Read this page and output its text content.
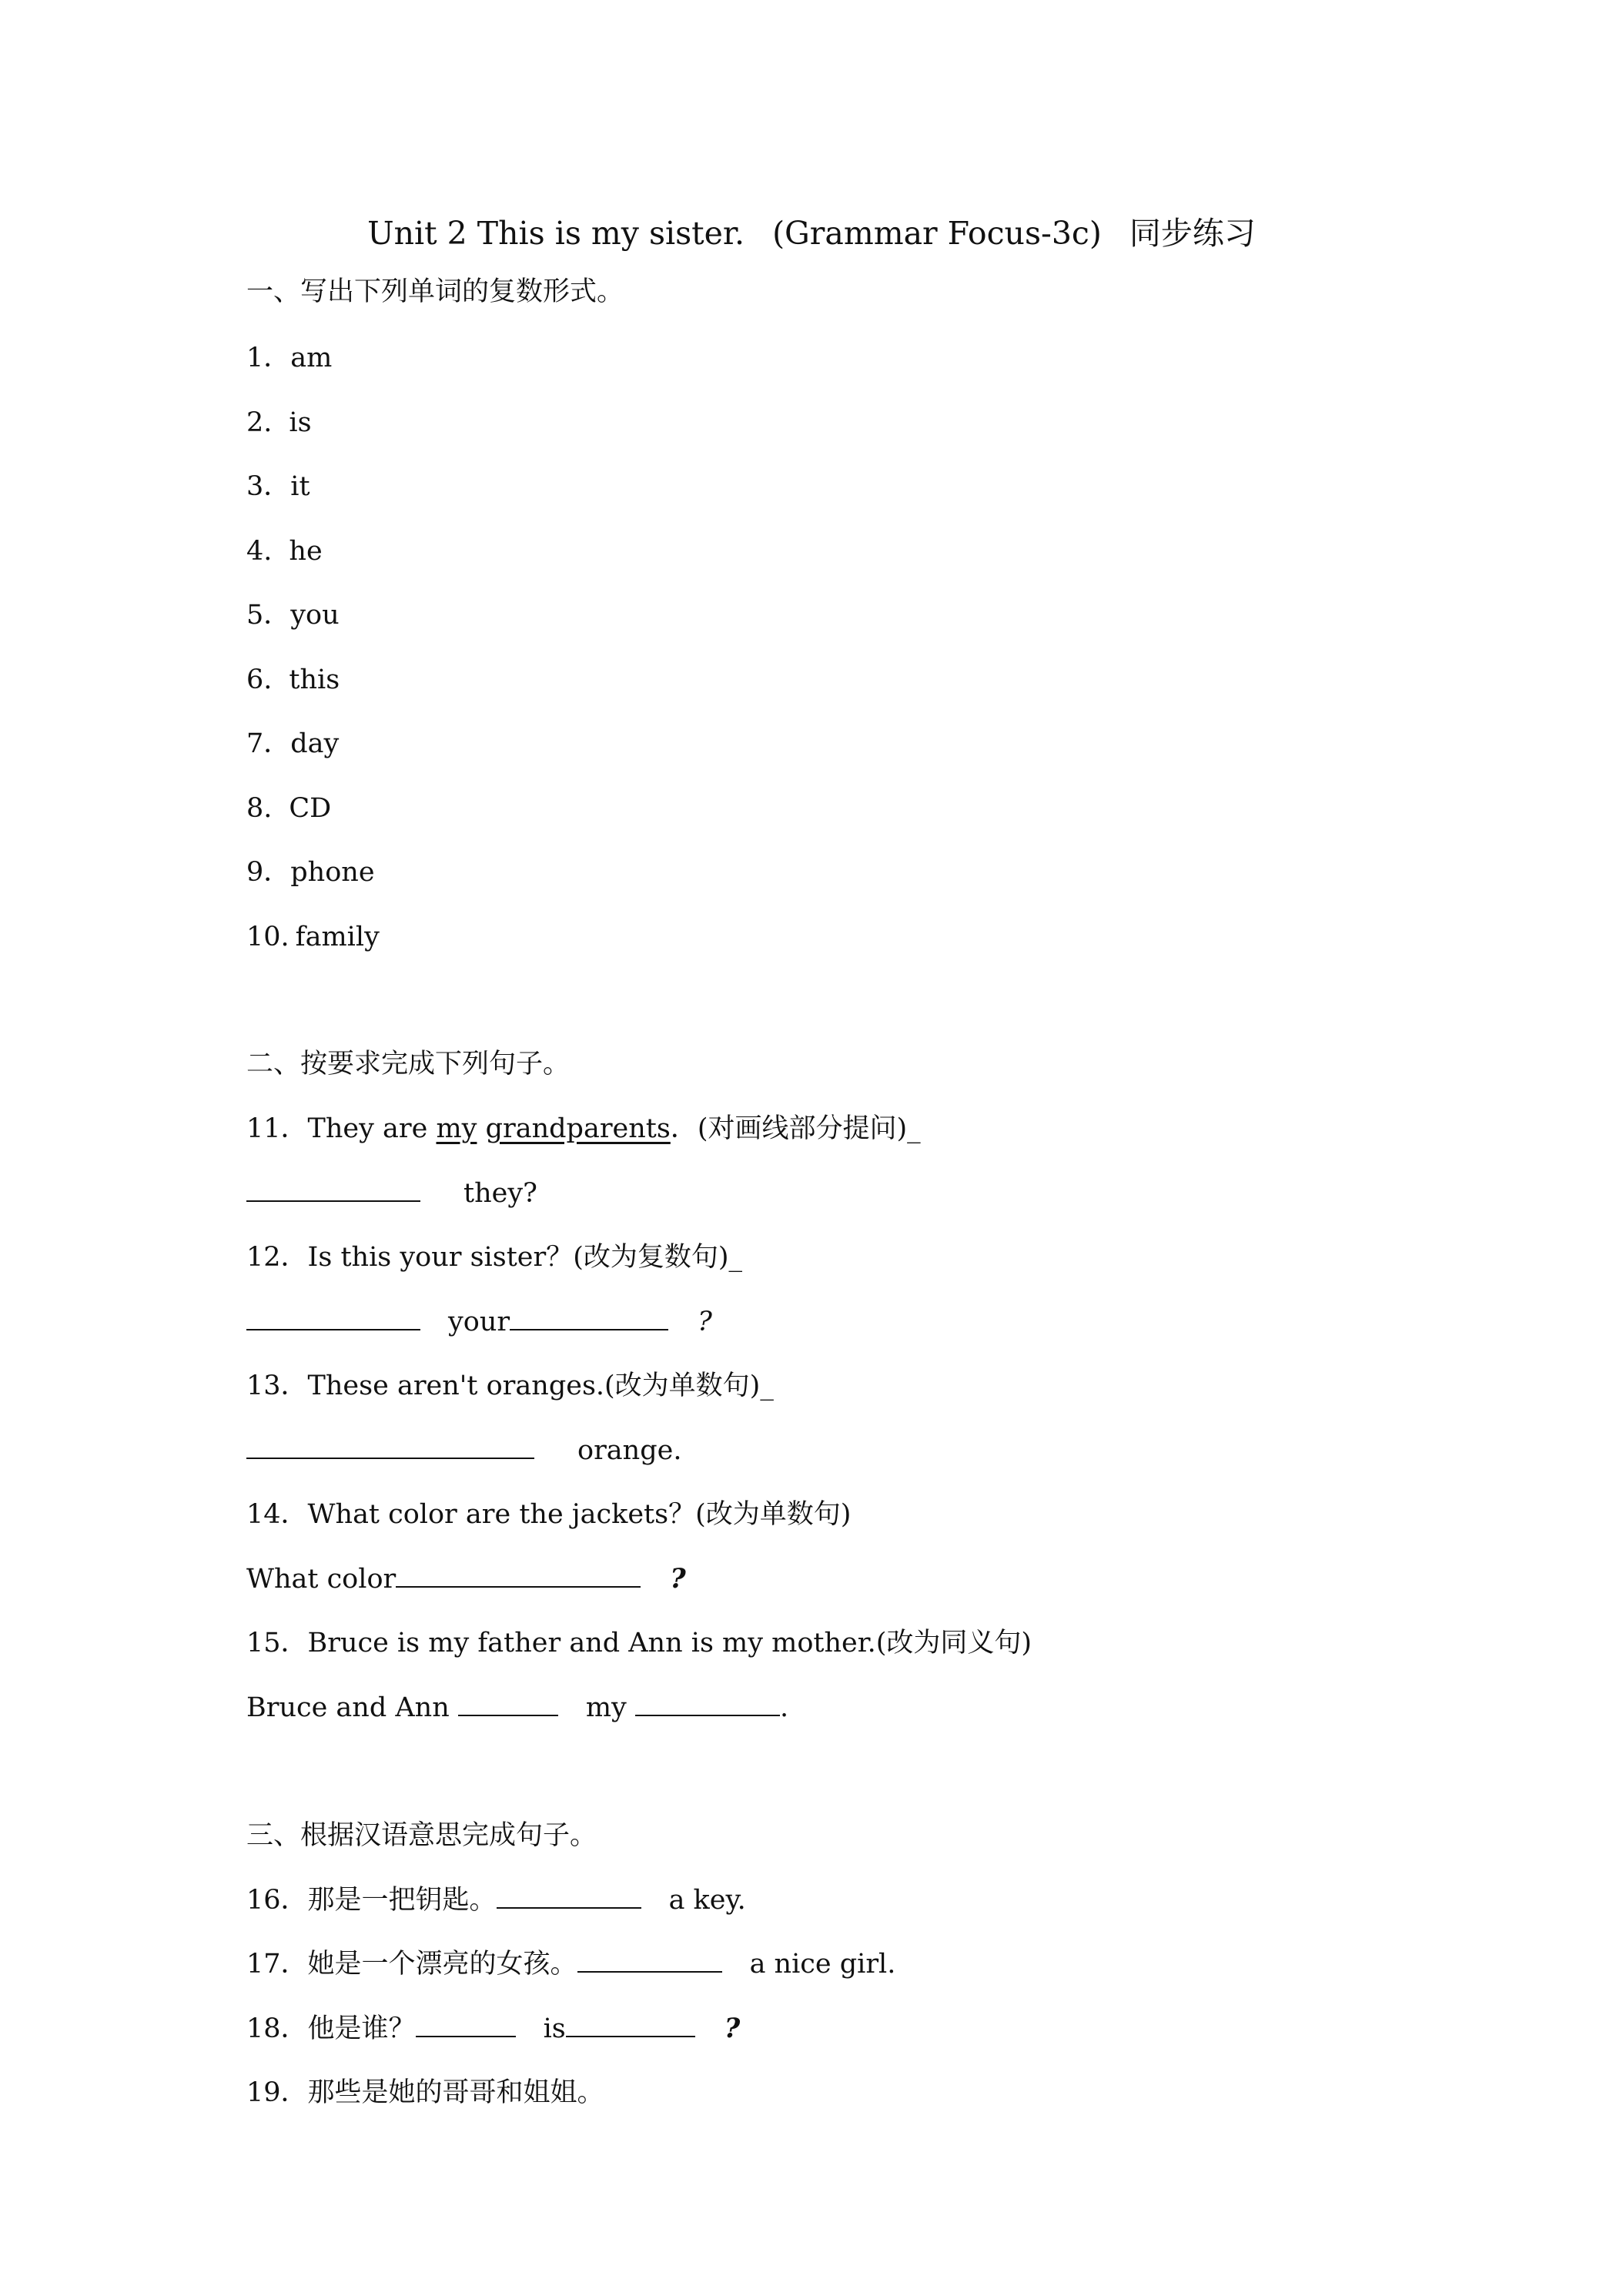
Unit 2 This is my sister. (Grammar Focus-3c) 同步练习
一、写出下列单词的复数形式。
1．am
2. is
3．it
4. he
5．you
6. this
7．day
8. CD
9．phone
10. family
二、按要求完成下列句子。
11．They are my grandparents．(对画线部分提问)_
they?
12．Is this your sister？(改为复数句)_
your	?
13．These aren't oranges.(改为单数句)_
orange.
14．What color are the jackets？(改为单数句)
What color	?
15．Bruce is my father and Ann is my mother.(改为同义句)
Bruce and Ann	my	.
三、根据汉语意思完成句子。
16．那是一把钥匙。	a key.
17．她是一个漂亮的女孩。	a nice girl.
18．他是谁？	is	?
19．那些是她的哥哥和姐姐。
